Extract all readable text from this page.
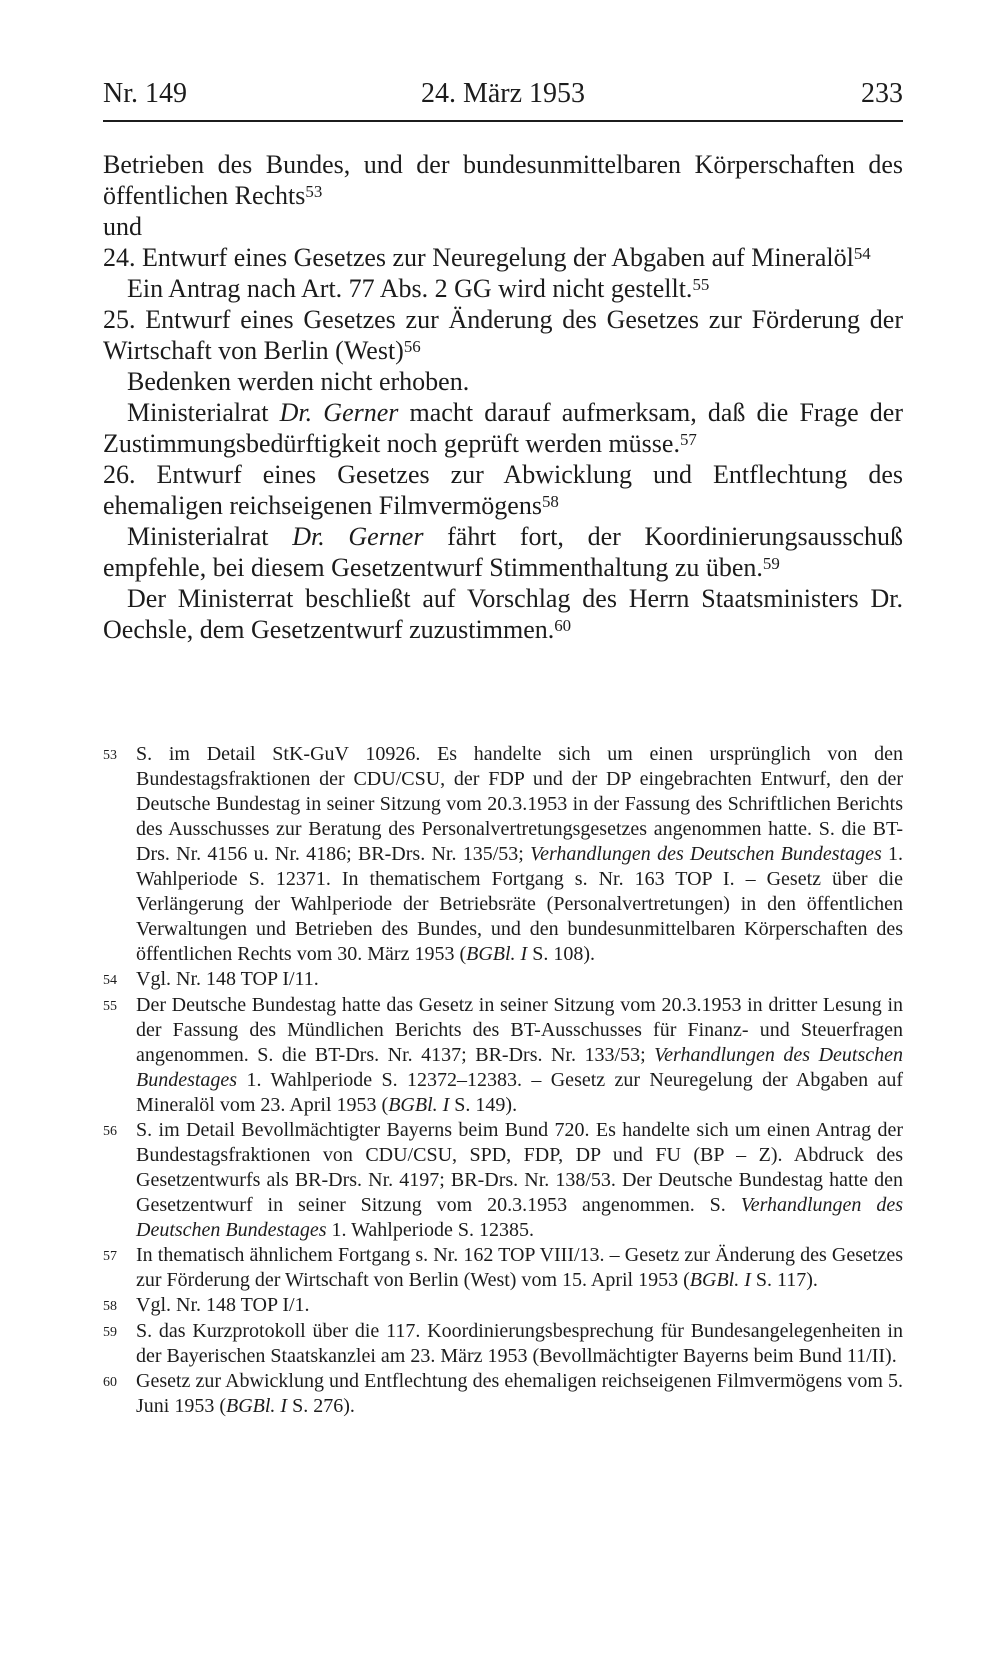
Nr. 149	24. März 1953	233

Betrieben des Bundes, und der bundesunmittelbaren Körperschaften des öffentlichen Rechts$^{53}$

und

24. Entwurf eines Gesetzes zur Neuregelung der Abgaben auf Mineralöl$^{54}$

Ein Antrag nach Art. 77 Abs. 2 GG wird nicht gestellt.$^{55}$

25. Entwurf eines Gesetzes zur Änderung des Gesetzes zur Förderung der Wirtschaft von Berlin (West)$^{56}$

Bedenken werden nicht erhoben.

Ministerialrat Dr. Gerner macht darauf aufmerksam, daß die Frage der Zustimmungsbedürftigkeit noch geprüft werden müsse.$^{57}$

26. Entwurf eines Gesetzes zur Abwicklung und Entflechtung des ehemaligen reichseigenen Filmvermögens$^{58}$

Ministerialrat Dr. Gerner fährt fort, der Koordinierungsausschuß empfehle, bei diesem Gesetzentwurf Stimmenthaltung zu üben.$^{59}$

Der Ministerrat beschließt auf Vorschlag des Herrn Staatsministers Dr. Oechsle, dem Gesetzentwurf zuzustimmen.$^{60}$

53 S. im Detail StK-GuV 10926. Es handelte sich um einen ursprünglich von den Bundestagsfraktionen der CDU/CSU, der FDP und der DP eingebrachten Entwurf, den der Deutsche Bundestag in seiner Sitzung vom 20.3.1953 in der Fassung des Schriftlichen Berichts des Ausschusses zur Beratung des Personalvertretungsgesetzes angenommen hatte. S. die BT-Drs. Nr. 4156 u. Nr. 4186; BR-Drs. Nr. 135/53; Verhandlungen des Deutschen Bundestages 1. Wahlperiode S. 12371. In thematischem Fortgang s. Nr. 163 TOP I. – Gesetz über die Verlängerung der Wahlperiode der Betriebsräte (Personalvertretungen) in den öffentlichen Verwaltungen und Betrieben des Bundes, und den bundesunmittelbaren Körperschaften des öffentlichen Rechts vom 30. März 1953 (BGBl. I S. 108).
54 Vgl. Nr. 148 TOP I/11.
55 Der Deutsche Bundestag hatte das Gesetz in seiner Sitzung vom 20.3.1953 in dritter Lesung in der Fassung des Mündlichen Berichts des BT-Ausschusses für Finanz- und Steuerfragen angenommen. S. die BT-Drs. Nr. 4137; BR-Drs. Nr. 133/53; Verhandlungen des Deutschen Bundestages 1. Wahlperiode S. 12372–12383. – Gesetz zur Neuregelung der Abgaben auf Mineralöl vom 23. April 1953 (BGBl. I S. 149).
56 S. im Detail Bevollmächtigter Bayerns beim Bund 720. Es handelte sich um einen Antrag der Bundestagsfraktionen von CDU/CSU, SPD, FDP, DP und FU (BP – Z). Abdruck des Gesetzentwurfs als BR-Drs. Nr. 4197; BR-Drs. Nr. 138/53. Der Deutsche Bundestag hatte den Gesetzentwurf in seiner Sitzung vom 20.3.1953 angenommen. S. Verhandlungen des Deutschen Bundestages 1. Wahlperiode S. 12385.
57 In thematisch ähnlichem Fortgang s. Nr. 162 TOP VIII/13. – Gesetz zur Änderung des Gesetzes zur Förderung der Wirtschaft von Berlin (West) vom 15. April 1953 (BGBl. I S. 117).
58 Vgl. Nr. 148 TOP I/1.
59 S. das Kurzprotokoll über die 117. Koordinierungsbesprechung für Bundesangelegenheiten in der Bayerischen Staatskanzlei am 23. März 1953 (Bevollmächtigter Bayerns beim Bund 11/II).
60 Gesetz zur Abwicklung und Entflechtung des ehemaligen reichseigenen Filmvermögens vom 5. Juni 1953 (BGBl. I S. 276).
